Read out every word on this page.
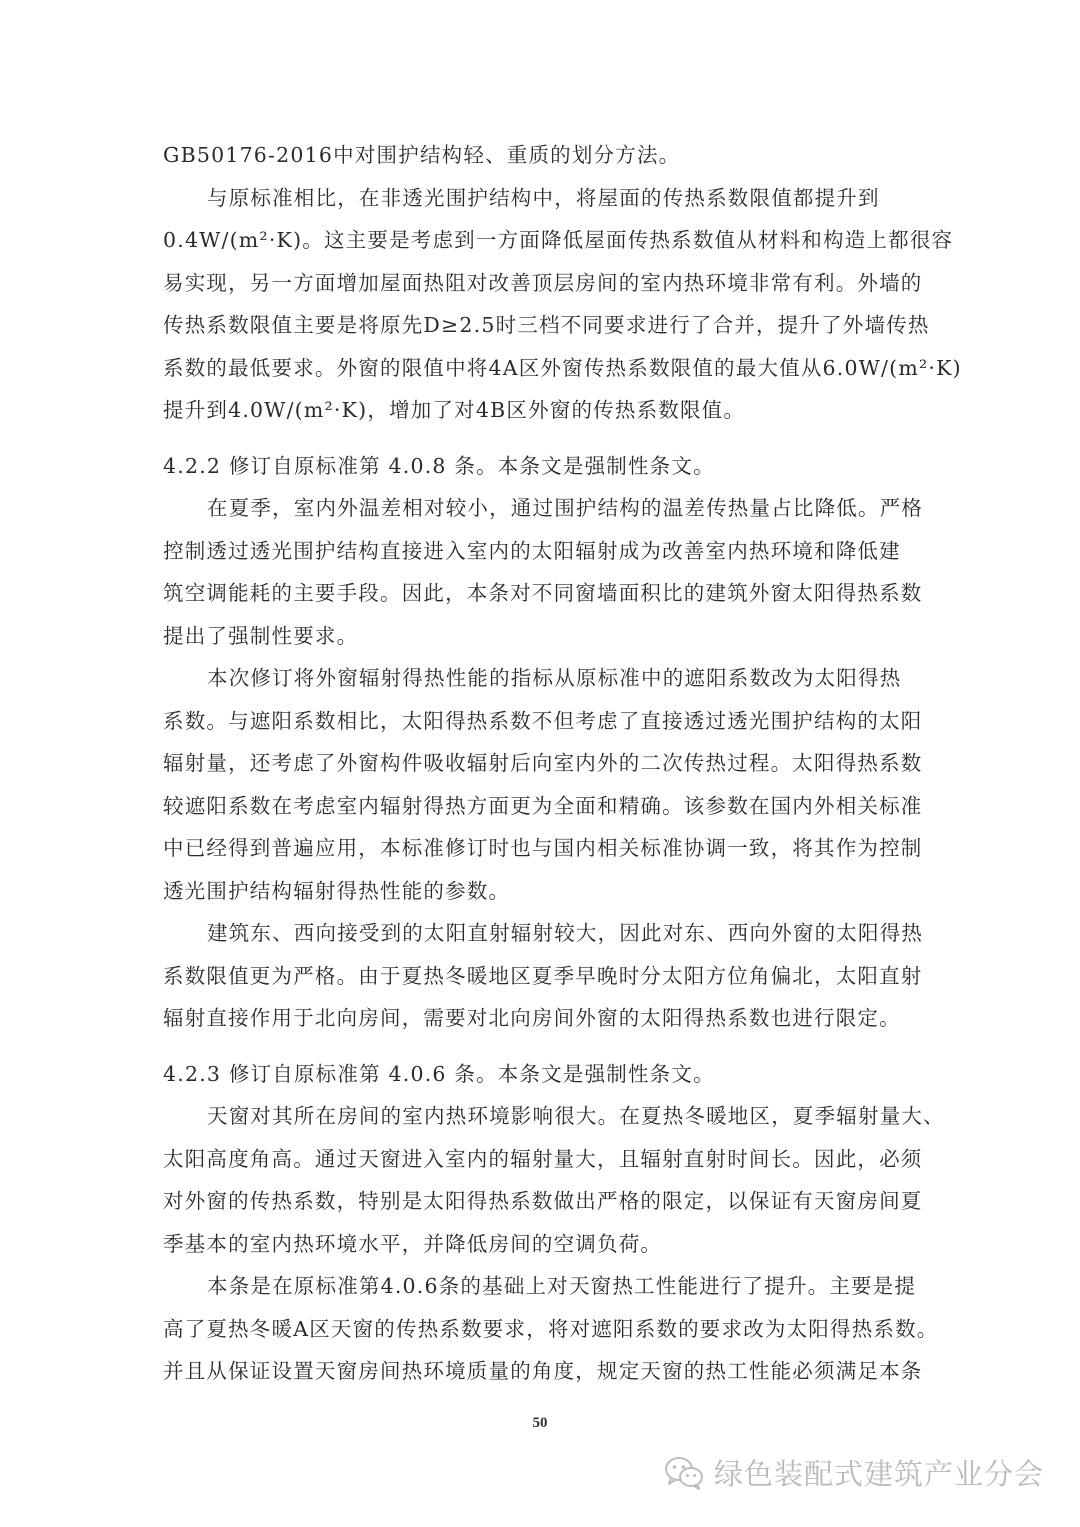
GB50176-2016中对围护结构轻、重质的划分方法。
与原标准相比，在非透光围护结构中，将屋面的传热系数限值都提升到
0.4W/(m²·K)。这主要是考虑到一方面降低屋面传热系数值从材料和构造上都很容
易实现，另一方面增加屋面热阻对改善顶层房间的室内热环境非常有利。外墙的
传热系数限值主要是将原先D≥2.5时三档不同要求进行了合并，提升了外墙传热
系数的最低要求。外窗的限值中将4A区外窗传热系数限值的最大值从6.0W/(m²·K)
提升到4.0W/(m²·K)，增加了对4B区外窗的传热系数限值。
4.2.2 修订自原标准第 4.0.8 条。本条文是强制性条文。
在夏季，室内外温差相对较小，通过围护结构的温差传热量占比降低。严格
控制透过透光围护结构直接进入室内的太阳辐射成为改善室内热环境和降低建
筑空调能耗的主要手段。因此，本条对不同窗墙面积比的建筑外窗太阳得热系数
提出了强制性要求。
本次修订将外窗辐射得热性能的指标从原标准中的遮阳系数改为太阳得热
系数。与遮阳系数相比，太阳得热系数不但考虑了直接透过透光围护结构的太阳
辐射量，还考虑了外窗构件吸收辐射后向室内外的二次传热过程。太阳得热系数
较遮阳系数在考虑室内辐射得热方面更为全面和精确。该参数在国内外相关标准
中已经得到普遍应用，本标准修订时也与国内相关标准协调一致，将其作为控制
透光围护结构辐射得热性能的参数。
建筑东、西向接受到的太阳直射辐射较大，因此对东、西向外窗的太阳得热
系数限值更为严格。由于夏热冬暖地区夏季早晚时分太阳方位角偏北，太阳直射
辐射直接作用于北向房间，需要对北向房间外窗的太阳得热系数也进行限定。
4.2.3 修订自原标准第 4.0.6 条。本条文是强制性条文。
天窗对其所在房间的室内热环境影响很大。在夏热冬暖地区，夏季辐射量大、
太阳高度角高。通过天窗进入室内的辐射量大，且辐射直射时间长。因此，必须
对外窗的传热系数，特别是太阳得热系数做出严格的限定，以保证有天窗房间夏
季基本的室内热环境水平，并降低房间的空调负荷。
本条是在原标准第4.0.6条的基础上对天窗热工性能进行了提升。主要是提
高了夏热冬暖A区天窗的传热系数要求，将对遮阳系数的要求改为太阳得热系数。
并且从保证设置天窗房间热环境质量的角度，规定天窗的热工性能必须满足本条
50
绿色装配式建筑产业分会
